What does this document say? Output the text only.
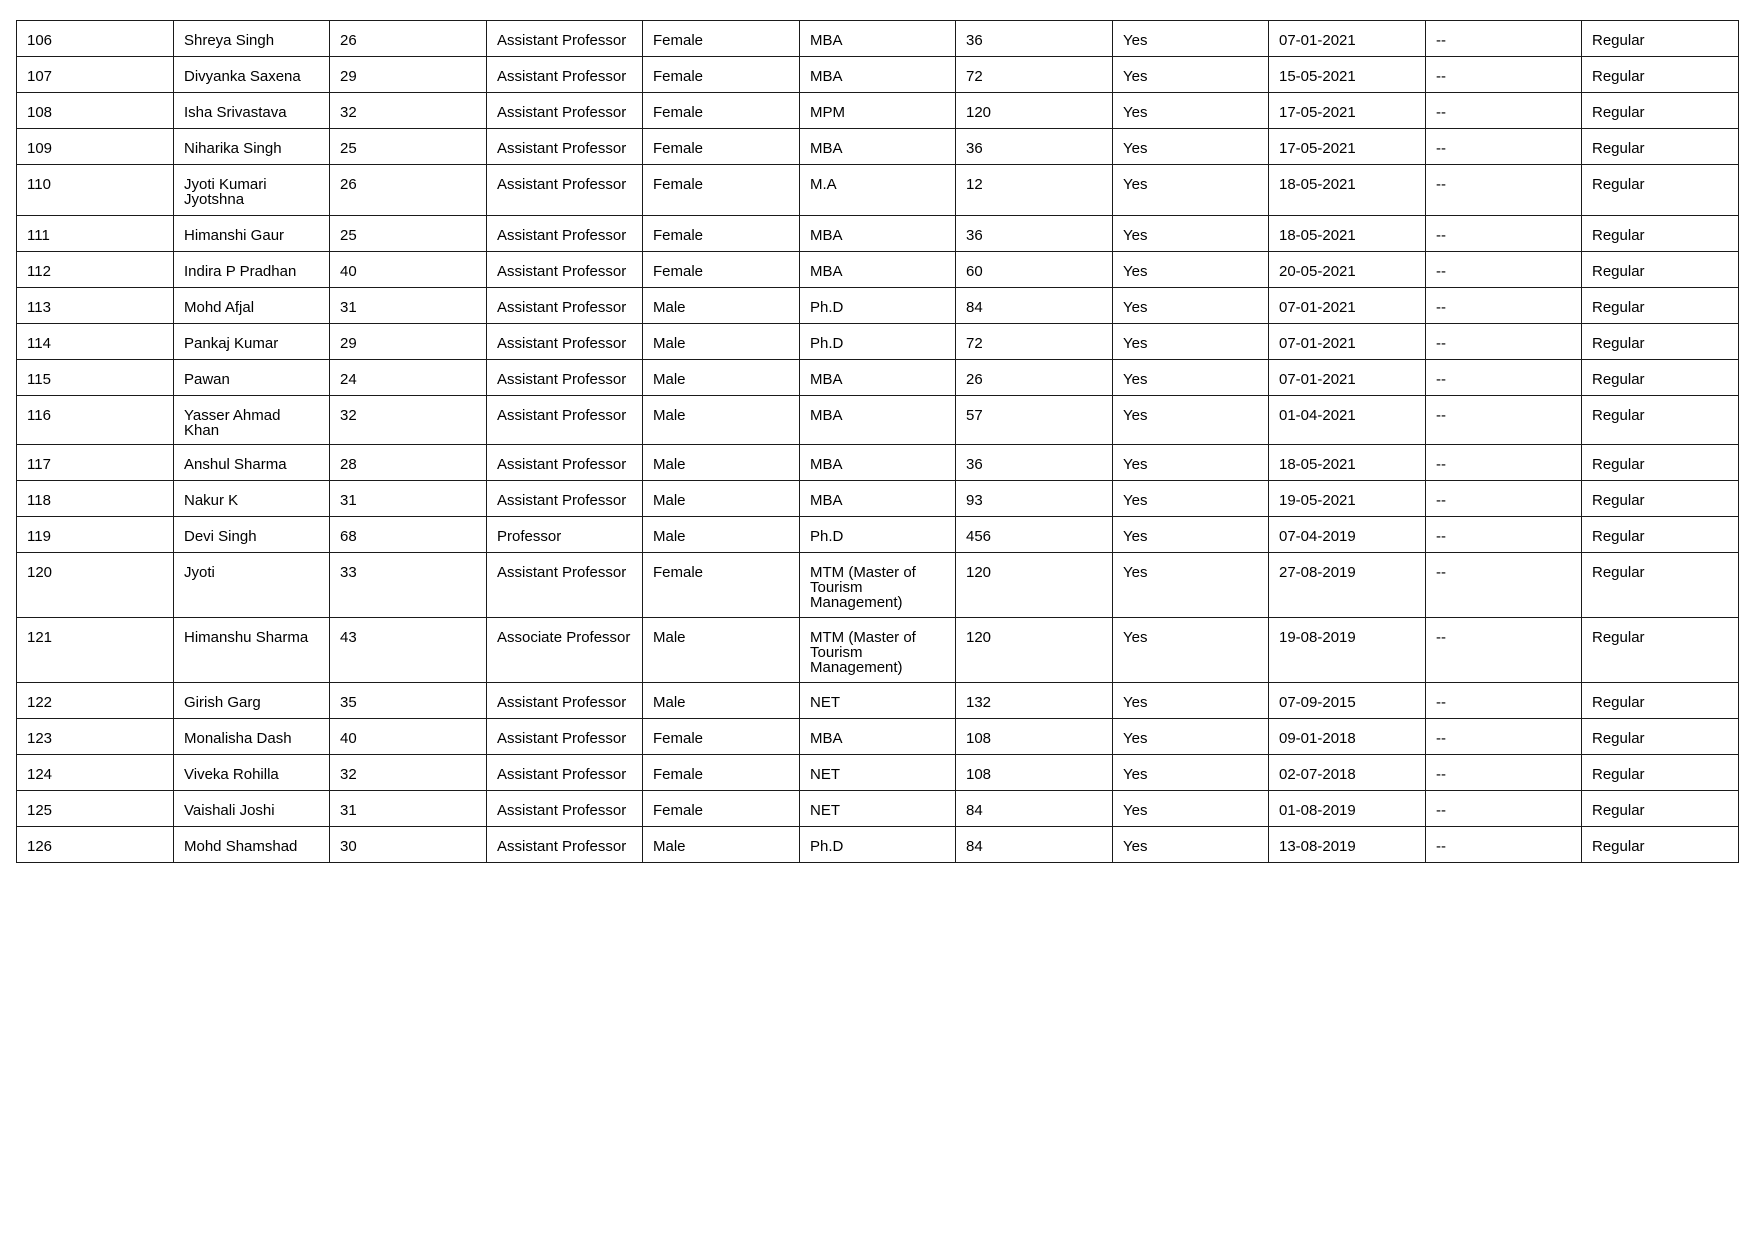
106	Shreya Singh	26	Assistant Professor	Female	MBA	36	Yes	07-01-2021	--	Regular
107	Divyanka Saxena	29	Assistant Professor	Female	MBA	72	Yes	15-05-2021	--	Regular
108	Isha Srivastava	32	Assistant Professor	Female	MPM	120	Yes	17-05-2021	--	Regular
109	Niharika Singh	25	Assistant Professor	Female	MBA	36	Yes	17-05-2021	--	Regular
110	Jyoti Kumari Jyotshna	26	Assistant Professor	Female	M.A	12	Yes	18-05-2021	--	Regular
111	Himanshi Gaur	25	Assistant Professor	Female	MBA	36	Yes	18-05-2021	--	Regular
112	Indira P Pradhan	40	Assistant Professor	Female	MBA	60	Yes	20-05-2021	--	Regular
113	Mohd Afjal	31	Assistant Professor	Male	Ph.D	84	Yes	07-01-2021	--	Regular
114	Pankaj Kumar	29	Assistant Professor	Male	Ph.D	72	Yes	07-01-2021	--	Regular
115	Pawan	24	Assistant Professor	Male	MBA	26	Yes	07-01-2021	--	Regular
116	Yasser Ahmad Khan	32	Assistant Professor	Male	MBA	57	Yes	01-04-2021	--	Regular
117	Anshul Sharma	28	Assistant Professor	Male	MBA	36	Yes	18-05-2021	--	Regular
118	Nakur K	31	Assistant Professor	Male	MBA	93	Yes	19-05-2021	--	Regular
119	Devi Singh	68	Professor	Male	Ph.D	456	Yes	07-04-2019	--	Regular
120	Jyoti	33	Assistant Professor	Female	MTM (Master of Tourism Management)	120	Yes	27-08-2019	--	Regular
121	Himanshu Sharma	43	Associate Professor	Male	MTM (Master of Tourism Management)	120	Yes	19-08-2019	--	Regular
122	Girish Garg	35	Assistant Professor	Male	NET	132	Yes	07-09-2015	--	Regular
123	Monalisha Dash	40	Assistant Professor	Female	MBA	108	Yes	09-01-2018	--	Regular
124	Viveka Rohilla	32	Assistant Professor	Female	NET	108	Yes	02-07-2018	--	Regular
125	Vaishali Joshi	31	Assistant Professor	Female	NET	84	Yes	01-08-2019	--	Regular
126	Mohd Shamshad	30	Assistant Professor	Male	Ph.D	84	Yes	13-08-2019	--	Regular
